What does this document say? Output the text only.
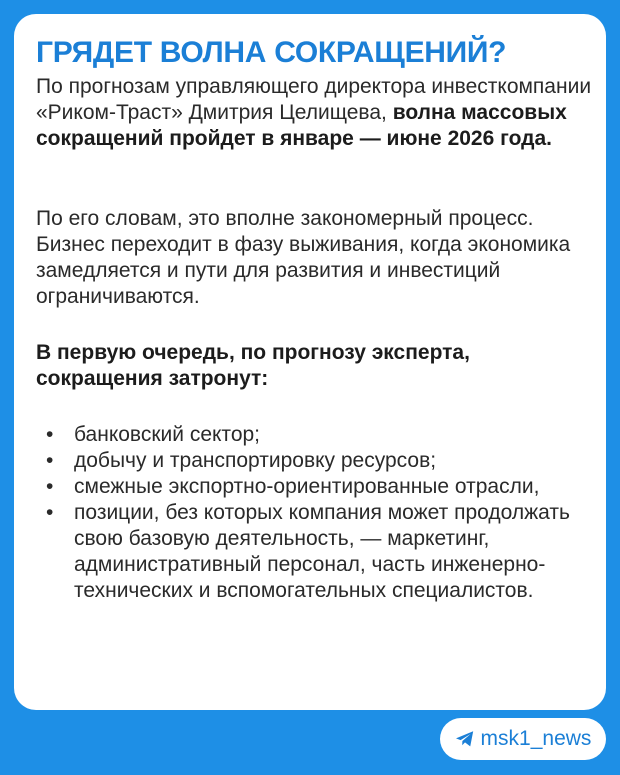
ГРЯДЕТ ВОЛНА СОКРАЩЕНИЙ?

По прогнозам управляющего директора инвесткомпании «Риком-Траст» Дмитрия Целищева, волна массовых сокращений пройдет в январе — июне 2026 года.

По его словам, это вполне закономерный процесс. Бизнес переходит в фазу выживания, когда экономика замедляется и пути для развития и инвестиций ограничиваются.

В первую очередь, по прогнозу эксперта, сокращения затронут:

• банковский сектор;
• добычу и транспортировку ресурсов;
• смежные экспортно-ориентированные отрасли,
• позиции, без которых компания может продолжать свою базовую деятельность, — маркетинг, административный персонал, часть инженерно-технических и вспомогательных специалистов.
msk1_news
